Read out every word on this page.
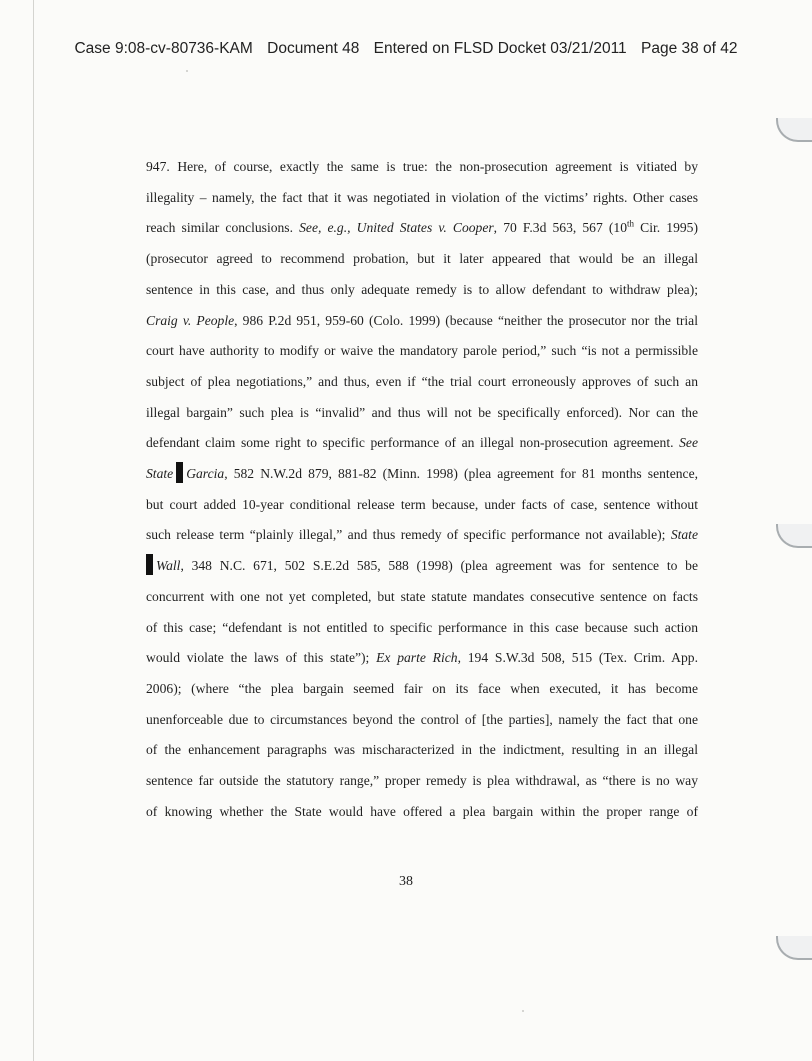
Case 9:08-cv-80736-KAM Document 48 Entered on FLSD Docket 03/21/2011 Page 38 of 42
947. Here, of course, exactly the same is true: the non-prosecution agreement is vitiated by
illegality – namely, the fact that it was negotiated in violation of the victims’ rights. Other cases
reach similar conclusions. See, e.g., United States v. Cooper, 70 F.3d 563, 567 (10th Cir. 1995)
(prosecutor agreed to recommend probation, but it later appeared that would be an illegal
sentence in this case, and thus only adequate remedy is to allow defendant to withdraw plea);
Craig v. People, 986 P.2d 951, 959-60 (Colo. 1999) (because “neither the prosecutor nor the trial
court have authority to modify or waive the mandatory parole period,” such “is not a permissible
subject of plea negotiations,” and thus, even if “the trial court erroneously approves of such an
illegal bargain” such plea is “invalid” and thus will not be specifically enforced). Nor can the
defendant claim some right to specific performance of an illegal non-prosecution agreement. See
State Garcia, 582 N.W.2d 879, 881-82 (Minn. 1998) (plea agreement for 81 months sentence,
but court added 10-year conditional release term because, under facts of case, sentence without
such release term “plainly illegal,” and thus remedy of specific performance not available); State
Wall, 348 N.C. 671, 502 S.E.2d 585, 588 (1998) (plea agreement was for sentence to be
concurrent with one not yet completed, but state statute mandates consecutive sentence on facts
of this case; “defendant is not entitled to specific performance in this case because such action
would violate the laws of this state”); Ex parte Rich, 194 S.W.3d 508, 515 (Tex. Crim. App.
2006); (where “the plea bargain seemed fair on its face when executed, it has become
unenforceable due to circumstances beyond the control of [the parties], namely the fact that one
of the enhancement paragraphs was mischaracterized in the indictment, resulting in an illegal
sentence far outside the statutory range,” proper remedy is plea withdrawal, as “there is no way
of knowing whether the State would have offered a plea bargain within the proper range of
38
